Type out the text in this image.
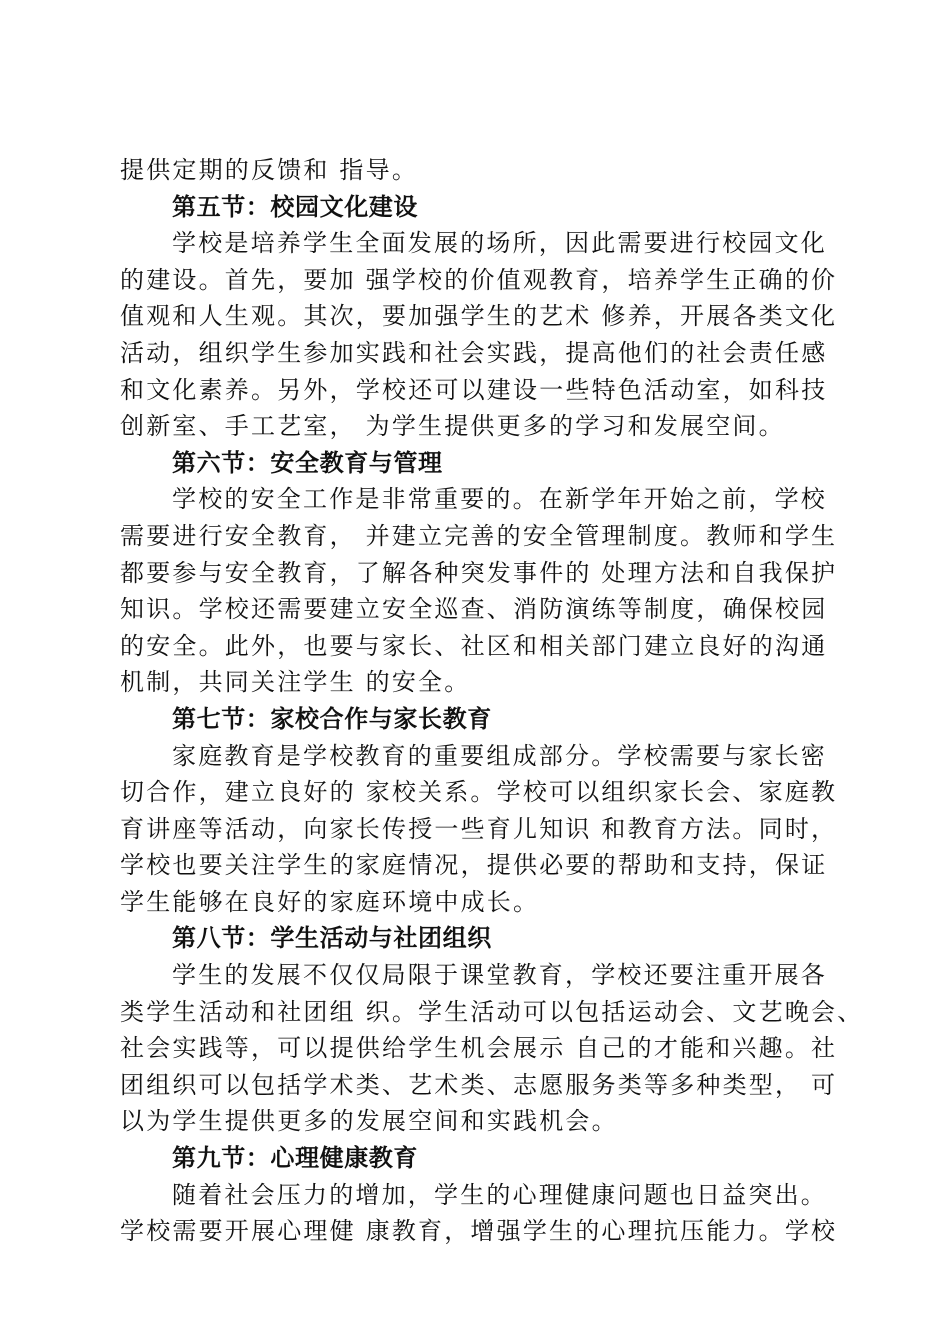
提供定期的反馈和 指导。
第五节：校园文化建设
学校是培养学生全面发展的场所，因此需要进行校园文化
的建设。首先，要加 强学校的价值观教育，培养学生正确的价
值观和人生观。其次，要加强学生的艺术 修养，开展各类文化
活动，组织学生参加实践和社会实践，提高他们的社会责任感
和文化素养。另外，学校还可以建设一些特色活动室，如科技
创新室、手工艺室， 为学生提供更多的学习和发展空间。
第六节：安全教育与管理
学校的安全工作是非常重要的。在新学年开始之前，学校
需要进行安全教育， 并建立完善的安全管理制度。教师和学生
都要参与安全教育，了解各种突发事件的 处理方法和自我保护
知识。学校还需要建立安全巡查、消防演练等制度，确保校园
的安全。此外，也要与家长、社区和相关部门建立良好的沟通
机制，共同关注学生 的安全。
第七节：家校合作与家长教育
家庭教育是学校教育的重要组成部分。学校需要与家长密
切合作，建立良好的 家校关系。学校可以组织家长会、家庭教
育讲座等活动，向家长传授一些育儿知识 和教育方法。同时，
学校也要关注学生的家庭情况，提供必要的帮助和支持，保证
学生能够在良好的家庭环境中成长。
第八节：学生活动与社团组织
学生的发展不仅仅局限于课堂教育，学校还要注重开展各
类学生活动和社团组 织。学生活动可以包括运动会、文艺晚会、
社会实践等，可以提供给学生机会展示 自己的才能和兴趣。社
团组织可以包括学术类、艺术类、志愿服务类等多种类型， 可
以为学生提供更多的发展空间和实践机会。
第九节：心理健康教育
随着社会压力的增加，学生的心理健康问题也日益突出。
学校需要开展心理健 康教育，增强学生的心理抗压能力。学校
